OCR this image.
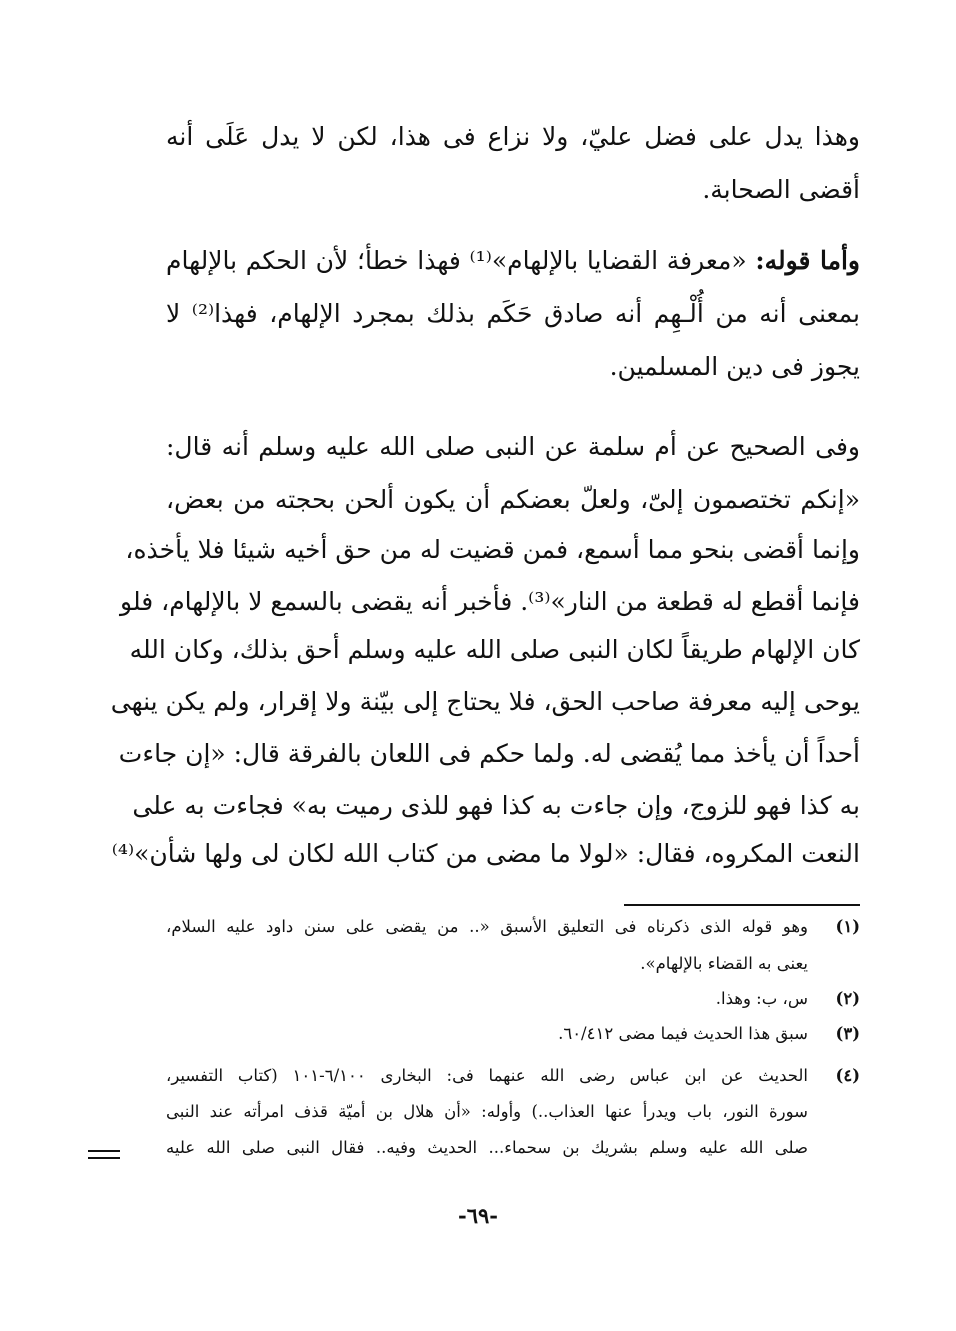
وهذا يدل على فضل عليّ، ولا نزاع فى هذا، لكن لا يدل عَلَى أنه
أقضى الصحابة.
وأما قوله: «معرفة القضايا بالإلهام»⁽¹⁾ فهذا خطأ؛ لأن الحكم بالإلهام
بمعنى أنه من أُلْـهِم أنه صادق حَكَم بذلك بمجرد الإلهام، فهذا⁽²⁾ لا
يجوز فى دين المسلمين.
وفى الصحيح عن أم سلمة عن النبى صلى الله عليه وسلم أنه قال:
«إنكم تختصمون إلىّ، ولعلّ بعضكم أن يكون ألحن بحجته من بعض،
وإنما أقضى بنحو مما أسمع، فمن قضيت له من حق أخيه شيئا فلا يأخذه،
فإنما أقطع له قطعة من النار»⁽³⁾. فأخبر أنه يقضى بالسمع لا بالإلهام، فلو
كان الإلهام طريقاً لكان النبى صلى الله عليه وسلم أحق بذلك، وكان الله
يوحى إليه معرفة صاحب الحق، فلا يحتاج إلى بيّنة ولا إقرار، ولم يكن ينهى
أحداً أن يأخذ مما يُقضى له. ولما حكم فى اللعان بالفرقة قال: «إن جاءت
به كذا فهو للزوج، وإن جاءت به كذا فهو للذى رميت به» فجاءت به على
النعت المكروه، فقال: «لولا ما مضى من كتاب الله لكان لى ولها شأن»⁽⁴⁾
(١)
وهو قوله الذى ذكرناه فى التعليق الأسبق «.. من يقضى على سنن داود عليه السلام،
يعنى به القضاء بالإلهام».
(٢)
س، ب: وهذا.
(٣)
سبق هذا الحديث فيما مضى ٦٠/٤١٢.
(٤)
الحديث عن ابن عباس رضى الله عنهما فى: البخارى ٦/١٠٠-١٠١ (كتاب التفسير،
سورة النور، باب ويدرأ عنها العذاب..) وأوله: «أن هلال بن أميّة قذف امرأته عند النبى
صلى الله عليه وسلم بشريك بن سحماء... الحديث وفيه.. فقال النبى صلى الله عليه
-٦٩-
